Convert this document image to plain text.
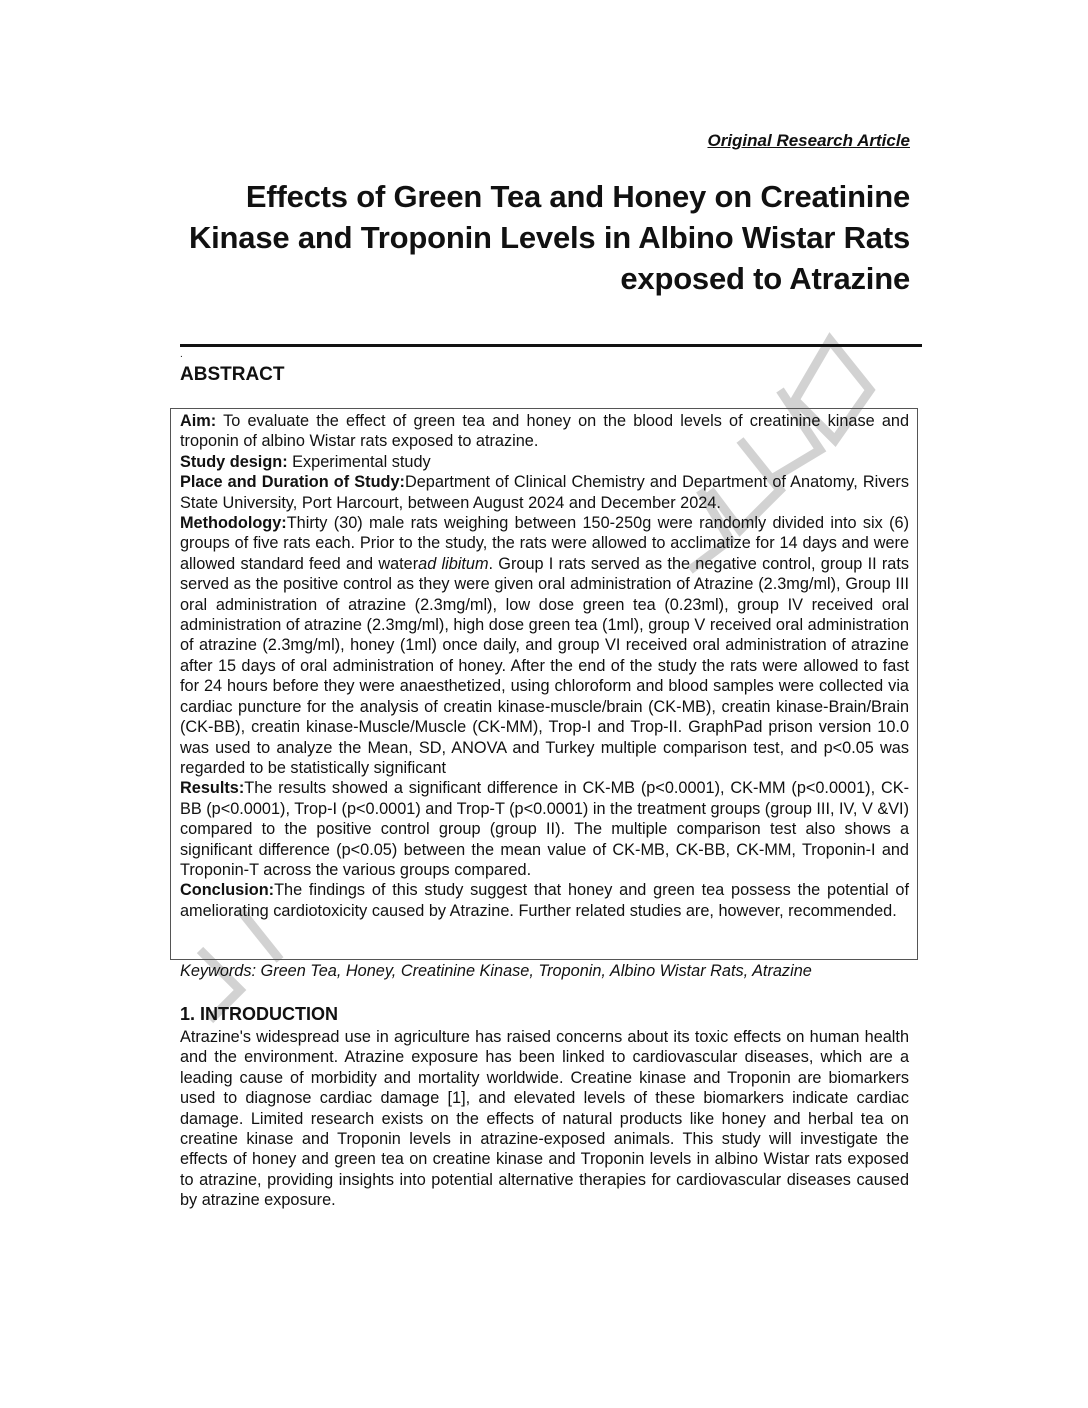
Original Research Article
Effects of Green Tea and Honey on Creatinine Kinase and Troponin Levels in Albino Wistar Rats exposed to Atrazine
.
ABSTRACT

Aim: To evaluate the effect of green tea and honey on the blood levels of creatinine kinase and troponin of albino Wistar rats exposed to atrazine.

Study design: Experimental study

Place and Duration of Study:Department of Clinical Chemistry and Department of Anatomy, Rivers State University, Port Harcourt, between August 2024 and December 2024.

Methodology:Thirty (30) male rats weighing between 150-250g were randomly divided into six (6) groups of five rats each. Prior to the study, the rats were allowed to acclimatize for 14 days and were allowed standard feed and waterad libitum. Group I rats served as the negative control, group II rats served as the positive control as they were given oral administration of Atrazine (2.3mg/ml), Group III oral administration of atrazine (2.3mg/ml), low dose green tea (0.23ml), group IV received oral administration of atrazine (2.3mg/ml), high dose green tea (1ml), group V received oral administration of atrazine (2.3mg/ml), honey (1ml) once daily, and group VI received oral administration of atrazine after 15 days of oral administration of honey. After the end of the study the rats were allowed to fast for 24 hours before they were anaesthetized, using chloroform and blood samples were collected via cardiac puncture for the analysis of creatin kinase-muscle/brain (CK-MB), creatin kinase-Brain/Brain (CK-BB), creatin kinase-Muscle/Muscle (CK-MM), Trop-I and Trop-II. GraphPad prison version 10.0 was used to analyze the Mean, SD, ANOVA and Turkey multiple comparison test, and p<0.05 was regarded to be statistically significant

Results:The results showed a significant difference in CK-MB (p<0.0001), CK-MM (p<0.0001), CK-BB (p<0.0001), Trop-I (p<0.0001) and Trop-T (p<0.0001) in the treatment groups (group III, IV, V &VI) compared to the positive control group (group II). The multiple comparison test also shows a significant difference (p<0.05) between the mean value of CK-MB, CK-BB, CK-MM, Troponin-I and Troponin-T across the various groups compared.

Conclusion:The findings of this study suggest that honey and green tea possess the potential of ameliorating cardiotoxicity caused by Atrazine. Further related studies are, however, recommended.

Keywords: Green Tea, Honey, Creatinine Kinase, Troponin, Albino Wistar Rats, Atrazine
1. INTRODUCTION

Atrazine's widespread use in agriculture has raised concerns about its toxic effects on human health and the environment. Atrazine exposure has been linked to cardiovascular diseases, which are a leading cause of morbidity and mortality worldwide. Creatine kinase and Troponin are biomarkers used to diagnose cardiac damage [1], and elevated levels of these biomarkers indicate cardiac damage. Limited research exists on the effects of natural products like honey and herbal tea on creatine kinase and Troponin levels in atrazine-exposed animals. This study will investigate the effects of honey and green tea on creatine kinase and Troponin levels in albino Wistar rats exposed to atrazine, providing insights into potential alternative therapies for cardiovascular diseases caused by atrazine exposure.
